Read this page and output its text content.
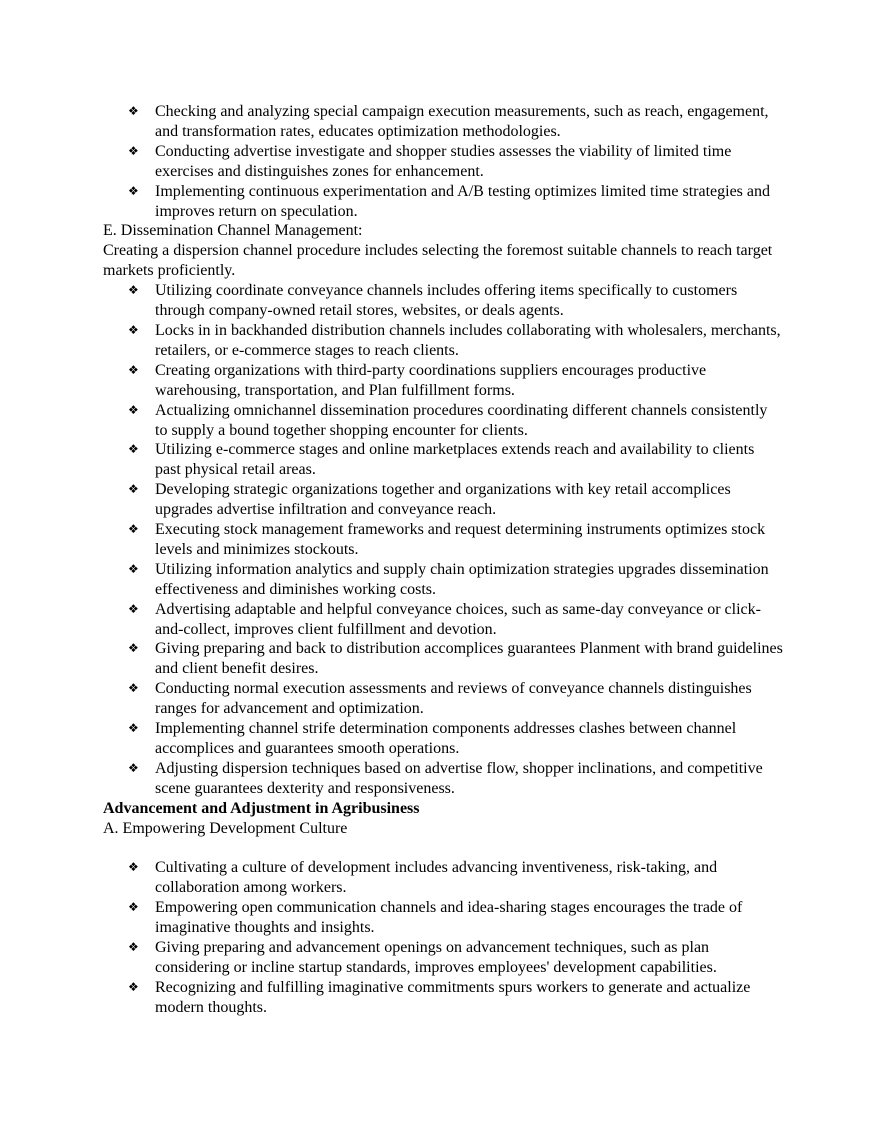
❖ Checking and analyzing special campaign execution measurements, such as reach, engagement, and transformation rates, educates optimization methodologies.
❖ Conducting advertise investigate and shopper studies assesses the viability of limited time exercises and distinguishes zones for enhancement.
❖ Implementing continuous experimentation and A/B testing optimizes limited time strategies and improves return on speculation.
E. Dissemination Channel Management:
Creating a dispersion channel procedure includes selecting the foremost suitable channels to reach target markets proficiently.
❖ Utilizing coordinate conveyance channels includes offering items specifically to customers through company-owned retail stores, websites, or deals agents.
❖ Locks in in backhanded distribution channels includes collaborating with wholesalers, merchants, retailers, or e-commerce stages to reach clients.
❖ Creating organizations with third-party coordinations suppliers encourages productive warehousing, transportation, and Plan fulfillment forms.
❖ Actualizing omnichannel dissemination procedures coordinating different channels consistently to supply a bound together shopping encounter for clients.
❖ Utilizing e-commerce stages and online marketplaces extends reach and availability to clients past physical retail areas.
❖ Developing strategic organizations together and organizations with key retail accomplices upgrades advertise infiltration and conveyance reach.
❖ Executing stock management frameworks and request determining instruments optimizes stock levels and minimizes stockouts.
❖ Utilizing information analytics and supply chain optimization strategies upgrades dissemination effectiveness and diminishes working costs.
❖ Advertising adaptable and helpful conveyance choices, such as same-day conveyance or click-and-collect, improves client fulfillment and devotion.
❖ Giving preparing and back to distribution accomplices guarantees Planment with brand guidelines and client benefit desires.
❖ Conducting normal execution assessments and reviews of conveyance channels distinguishes ranges for advancement and optimization.
❖ Implementing channel strife determination components addresses clashes between channel accomplices and guarantees smooth operations.
❖ Adjusting dispersion techniques based on advertise flow, shopper inclinations, and competitive scene guarantees dexterity and responsiveness.
Advancement and Adjustment in Agribusiness
A. Empowering Development Culture
❖ Cultivating a culture of development includes advancing inventiveness, risk-taking, and collaboration among workers.
❖ Empowering open communication channels and idea-sharing stages encourages the trade of imaginative thoughts and insights.
❖ Giving preparing and advancement openings on advancement techniques, such as plan considering or incline startup standards, improves employees' development capabilities.
❖ Recognizing and fulfilling imaginative commitments spurs workers to generate and actualize modern thoughts.
